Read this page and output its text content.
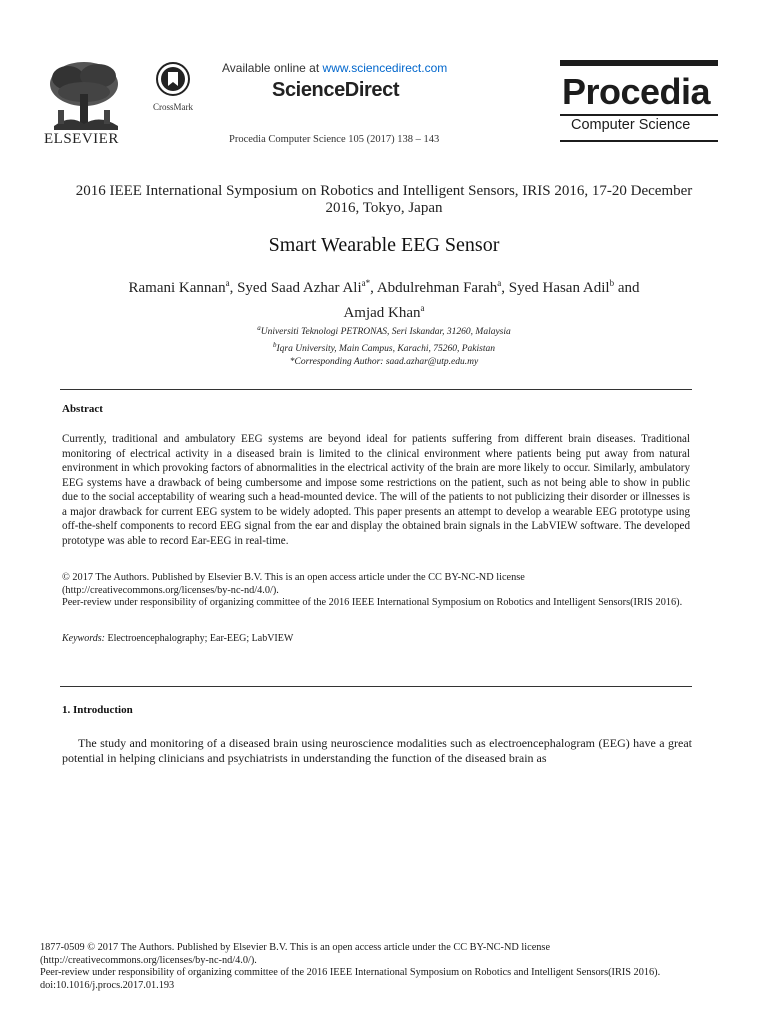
ELSEVIER
CrossMark
Available online at www.sciencedirect.com
ScienceDirect
Procedia Computer Science 105 (2017) 138 – 143
Procedia
Computer Science
2016 IEEE International Symposium on Robotics and Intelligent Sensors, IRIS 2016, 17-20 December 2016, Tokyo, Japan
Smart Wearable EEG Sensor
Ramani Kannan$^a$, Syed Saad Azhar Ali$^{a*}$, Abdulrehman Farah$^a$, Syed Hasan Adil$^b$ and
Amjad Khan$^a$
$^a$Universiti Teknologi PETRONAS, Seri Iskandar, 31260, Malaysia
$^b$Iqra University, Main Campus, Karachi, 75260, Pakistan
*Corresponding Author: saad.azhar@utp.edu.my
Abstract
Currently, traditional and ambulatory EEG systems are beyond ideal for patients suffering from different brain diseases. Traditional monitoring of electrical activity in a diseased brain is limited to the clinical environment where patients being put away from natural environment in which provoking factors of abnormalities in the electrical activity of the brain are more likely to occur. Similarly, ambulatory EEG systems have a drawback of being cumbersome and impose some restrictions on the patient, such as not being able to show in public due to the social acceptability of wearing such a head-mounted device. The will of the patients to not publicizing their disorder or illnesses is a major drawback for current EEG system to be widely adopted. This paper presents an attempt to develop a wearable EEG prototype using off-the-shelf components to record EEG signal from the ear and display the obtained brain signals in the LabVIEW software. The developed prototype was able to record Ear-EEG in real-time.

© 2017 The Authors. Published by Elsevier B.V. This is an open access article under the CC BY-NC-ND license

(http://creativecommons.org/licenses/by-nc-nd/4.0/).

Peer-review under responsibility of organizing committee of the 2016 IEEE International Symposium on Robotics and Intelligent Sensors(IRIS 2016).

Keywords: Electroencephalography; Ear-EEG; LabVIEW
1. Introduction
The study and monitoring of a diseased brain using neuroscience modalities such as electroencephalogram (EEG) have a great potential in helping clinicians and psychiatrists in understanding the function of the diseased brain as

1877-0509 © 2017 The Authors. Published by Elsevier B.V. This is an open access article under the CC BY-NC-ND license

(http://creativecommons.org/licenses/by-nc-nd/4.0/).

Peer-review under responsibility of organizing committee of the 2016 IEEE International Symposium on Robotics and Intelligent Sensors(IRIS 2016).

doi:10.1016/j.procs.2017.01.193
